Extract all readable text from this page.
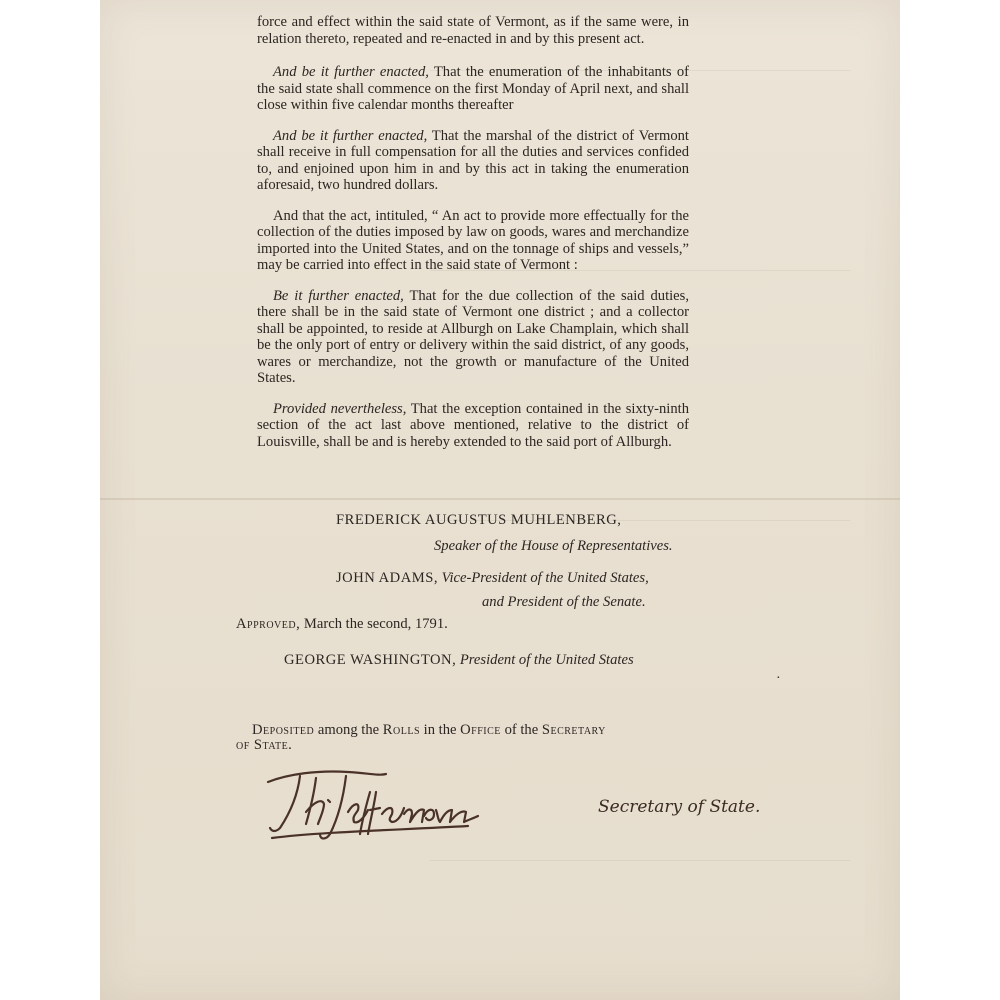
force and effect within the said state of Vermont, as if the same were, in relation thereto, repeated and re-enacted in and by this present act.

And be it further enacted, That the enumeration of the inhabitants of the said state shall commence on the first Monday of April next, and shall close within five calendar months thereafter

And be it further enacted, That the marshal of the district of Vermont shall receive in full compensation for all the duties and services confided to, and enjoined upon him in and by this act in taking the enumeration aforesaid, two hundred dollars.

And that the act, intituled, “ An act to provide more effectually for the collection of the duties imposed by law on goods, wares and merchandize imported into the United States, and on the tonnage of ships and vessels,” may be carried into effect in the said state of Vermont :

Be it further enacted, That for the due collection of the said duties, there shall be in the said state of Vermont one district ; and a collector shall be appointed, to reside at Allburgh on Lake Champlain, which shall be the only port of entry or delivery within the said district, of any goods, wares or merchandize, not the growth or manufacture of the United States.

Provided nevertheless, That the exception contained in the sixty-ninth section of the act last above mentioned, relative to the district of Louisville, shall be and is hereby extended to the said port of Allburgh.

FREDERICK AUGUSTUS MUHLENBERG,
Speaker of the House of Representatives.
JOHN ADAMS, Vice-President of the United States,
and President of the Senate.
Approved, March the second, 1791.
GEORGE WASHINGTON, President of the United States
·
Deposited among the Rolls in the Office of the Secretary
of State.
Secretary of State.
